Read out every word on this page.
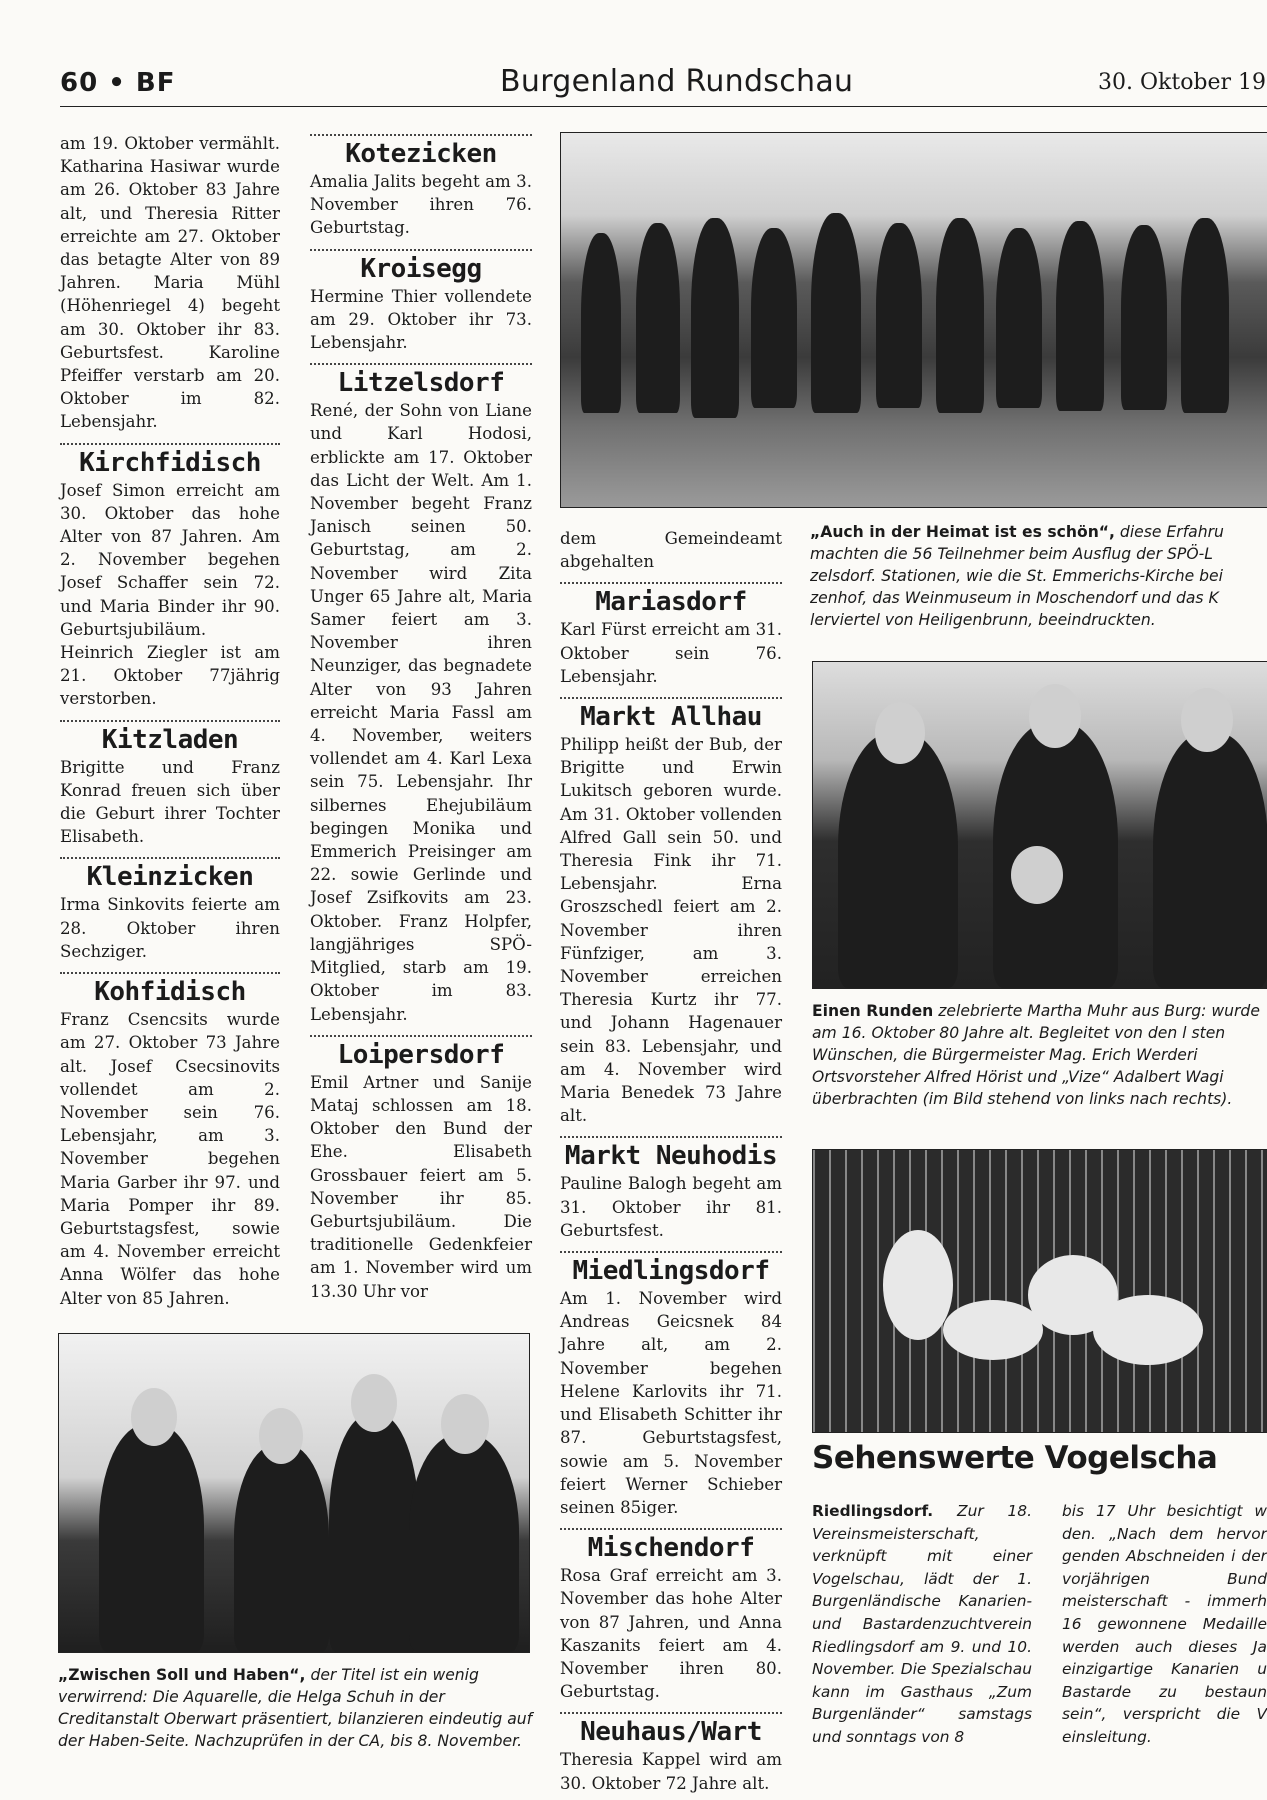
60 • BF	Burgenland Rundschau	30. Oktober 19

am 19. Oktober vermählt. Katharina Hasiwar wurde am 26. Oktober 83 Jahre alt, und Theresia Ritter erreichte am 27. Oktober das betagte Alter von 89 Jahren. Maria Mühl (Höhenriegel 4) begeht am 30. Oktober ihr 83. Geburtsfest. Karoline Pfeiffer verstarb am 20. Oktober im 82. Lebensjahr.

Kirchfidisch

Josef Simon erreicht am 30. Oktober das hohe Alter von 87 Jahren. Am 2. November begehen Josef Schaffer sein 72. und Maria Binder ihr 90. Geburtsjubiläum. Heinrich Ziegler ist am 21. Oktober 77jährig verstorben.

Kitzladen

Brigitte und Franz Konrad freuen sich über die Geburt ihrer Tochter Elisabeth.

Kleinzicken

Irma Sinkovits feierte am 28. Oktober ihren Sechziger.

Kohfidisch

Franz Csencsits wurde am 27. Oktober 73 Jahre alt. Josef Csecsinovits vollendet am 2. November sein 76. Lebensjahr, am 3. November begehen Maria Garber ihr 97. und Maria Pomper ihr 89. Geburtstagsfest, sowie am 4. November erreicht Anna Wölfer das hohe Alter von 85 Jahren.

Kotezicken

Amalia Jalits begeht am 3. November ihren 76. Geburtstag.

Kroisegg

Hermine Thier vollendete am 29. Oktober ihr 73. Lebensjahr.

Litzelsdorf

René, der Sohn von Liane und Karl Hodosi, erblickte am 17. Oktober das Licht der Welt. Am 1. November begeht Franz Janisch seinen 50. Geburtstag, am 2. November wird Zita Unger 65 Jahre alt, Maria Samer feiert am 3. November ihren Neunziger, das begnadete Alter von 93 Jahren erreicht Maria Fassl am 4. November, weiters vollendet am 4. Karl Lexa sein 75. Lebensjahr. Ihr silbernes Ehejubiläum begingen Monika und Emmerich Preisinger am 22. sowie Gerlinde und Josef Zsifkovits am 23. Oktober. Franz Holpfer, langjähriges SPÖ-Mitglied, starb am 19. Oktober im 83. Lebensjahr.

Loipersdorf

Emil Artner und Sanije Mataj schlossen am 18. Oktober den Bund der Ehe. Elisabeth Grossbauer feiert am 5. November ihr 85. Geburtsjubiläum. Die traditionelle Gedenkfeier am 1. November wird um 13.30 Uhr vor

dem Gemeindeamt abgehalten

Mariasdorf

Karl Fürst erreicht am 31. Oktober sein 76. Lebensjahr.

Markt Allhau

Philipp heißt der Bub, der Brigitte und Erwin Lukitsch geboren wurde. Am 31. Oktober vollenden Alfred Gall sein 50. und Theresia Fink ihr 71. Lebensjahr. Erna Groszschedl feiert am 2. November ihren Fünfziger, am 3. November erreichen Theresia Kurtz ihr 77. und Johann Hagenauer sein 83. Lebensjahr, und am 4. November wird Maria Benedek 73 Jahre alt.

Markt Neuhodis

Pauline Balogh begeht am 31. Oktober ihr 81. Geburtsfest.

Miedlingsdorf

Am 1. November wird Andreas Geicsnek 84 Jahre alt, am 2. November begehen Helene Karlovits ihr 71. und Elisabeth Schitter ihr 87. Geburtstagsfest, sowie am 5. November feiert Werner Schieber seinen 85iger.

Mischendorf

Rosa Graf erreicht am 3. November das hohe Alter von 87 Jahren, und Anna Kaszanits feiert am 4. November ihren 80. Geburtstag.

Neuhaus/Wart

Theresia Kappel wird am 30. Oktober 72 Jahre alt.

„Auch in der Heimat ist es schön“, diese Erfahru machten die 56 Teilnehmer beim Ausflug der SPÖ-L zelsdorf. Stationen, wie die St. Emmerichs-Kirche bei zenhof, das Weinmuseum in Moschendorf und das K lerviertel von Heiligenbrunn, beeindruckten.
Einen Runden zelebrierte Martha Muhr aus Burg: wurde am 16. Oktober 80 Jahre alt. Begleitet von den l sten Wünschen, die Bürgermeister Mag. Erich Werderi Ortsvorsteher Alfred Hörist und „Vize“ Adalbert Wagi überbrachten (im Bild stehend von links nach rechts).
Sehenswerte Vogelscha

Riedlingsdorf. Zur 18. Vereinsmeisterschaft, verknüpft mit einer Vogelschau, lädt der 1. Burgenländische Kanarien- und Bastardenzuchtverein Riedlingsdorf am 9. und 10. November. Die Spezialschau kann im Gasthaus „Zum Burgenländer“ samstags und sonntags von 8

bis 17 Uhr besichtigt w den. „Nach dem hervor genden Abschneiden i der vorjährigen Bund meisterschaft - immerh 16 gewonnene Medaille werden auch dieses Ja einzigartige Kanarien u Bastarde zu bestaun sein“, verspricht die V einsleitung.

„Zwischen Soll und Haben“, der Titel ist ein wenig verwirrend: Die Aquarelle, die Helga Schuh in der Creditanstalt Oberwart präsentiert, bilanzieren eindeutig auf der Haben-Seite. Nachzuprüfen in der CA, bis 8. November.
